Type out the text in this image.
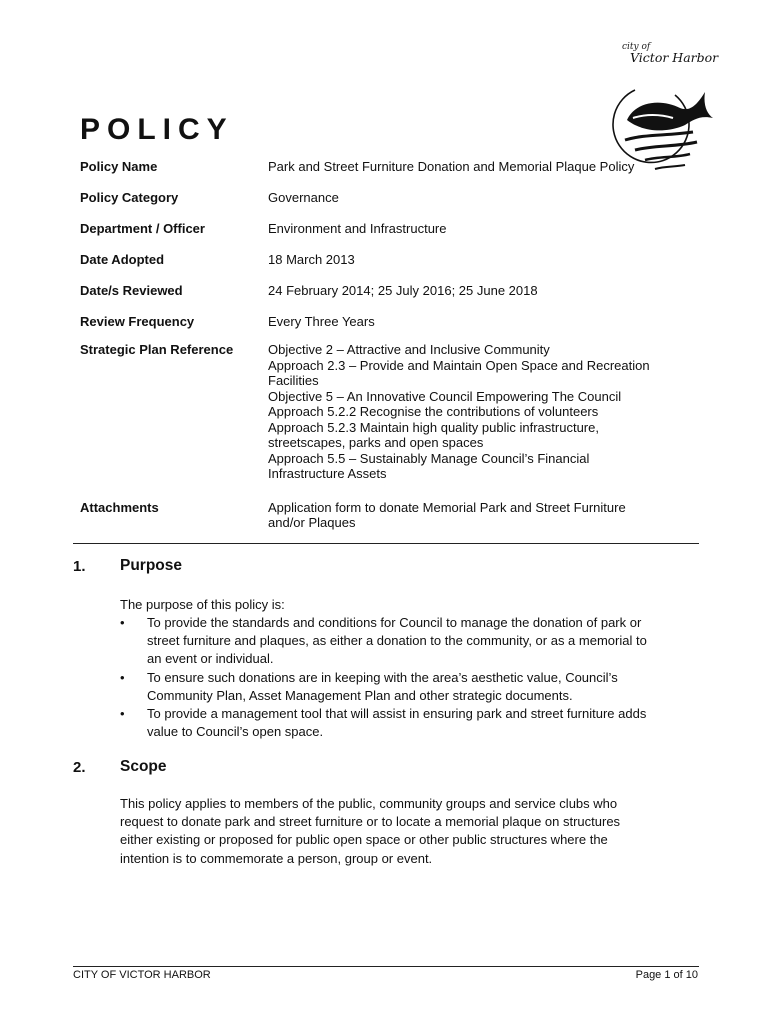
city of
Victor Harbor
POLICY
Policy Name	Park and Street Furniture Donation and Memorial Plaque Policy
Policy Category	Governance
Department / Officer	Environment and Infrastructure
Date Adopted	18 March 2013
Date/s Reviewed	24 February 2014; 25 July 2016; 25 June 2018
Review Frequency	Every Three Years
Strategic Plan Reference	Objective 2 – Attractive and Inclusive Community
Approach 2.3 – Provide and Maintain Open Space and Recreation
Facilities
Objective 5 – An Innovative Council Empowering The Council
Approach 5.2.2 Recognise the contributions of volunteers
Approach 5.2.3 Maintain high quality public infrastructure,
streetscapes, parks and open spaces
Approach 5.5 – Sustainably Manage Council’s Financial
Infrastructure Assets
Attachments	Application form to donate Memorial Park and Street Furniture
and/or Plaques
1. Purpose
The purpose of this policy is:
• To provide the standards and conditions for Council to manage the donation of park or
street furniture and plaques, as either a donation to the community, or as a memorial to
an event or individual.
• To ensure such donations are in keeping with the area’s aesthetic value, Council’s
Community Plan, Asset Management Plan and other strategic documents.
• To provide a management tool that will assist in ensuring park and street furniture adds
value to Council’s open space.
2. Scope
This policy applies to members of the public, community groups and service clubs who
request to donate park and street furniture or to locate a memorial plaque on structures
either existing or proposed for public open space or other public structures where the
intention is to commemorate a person, group or event.
CITY OF VICTOR HARBOR	Page 1 of 10
